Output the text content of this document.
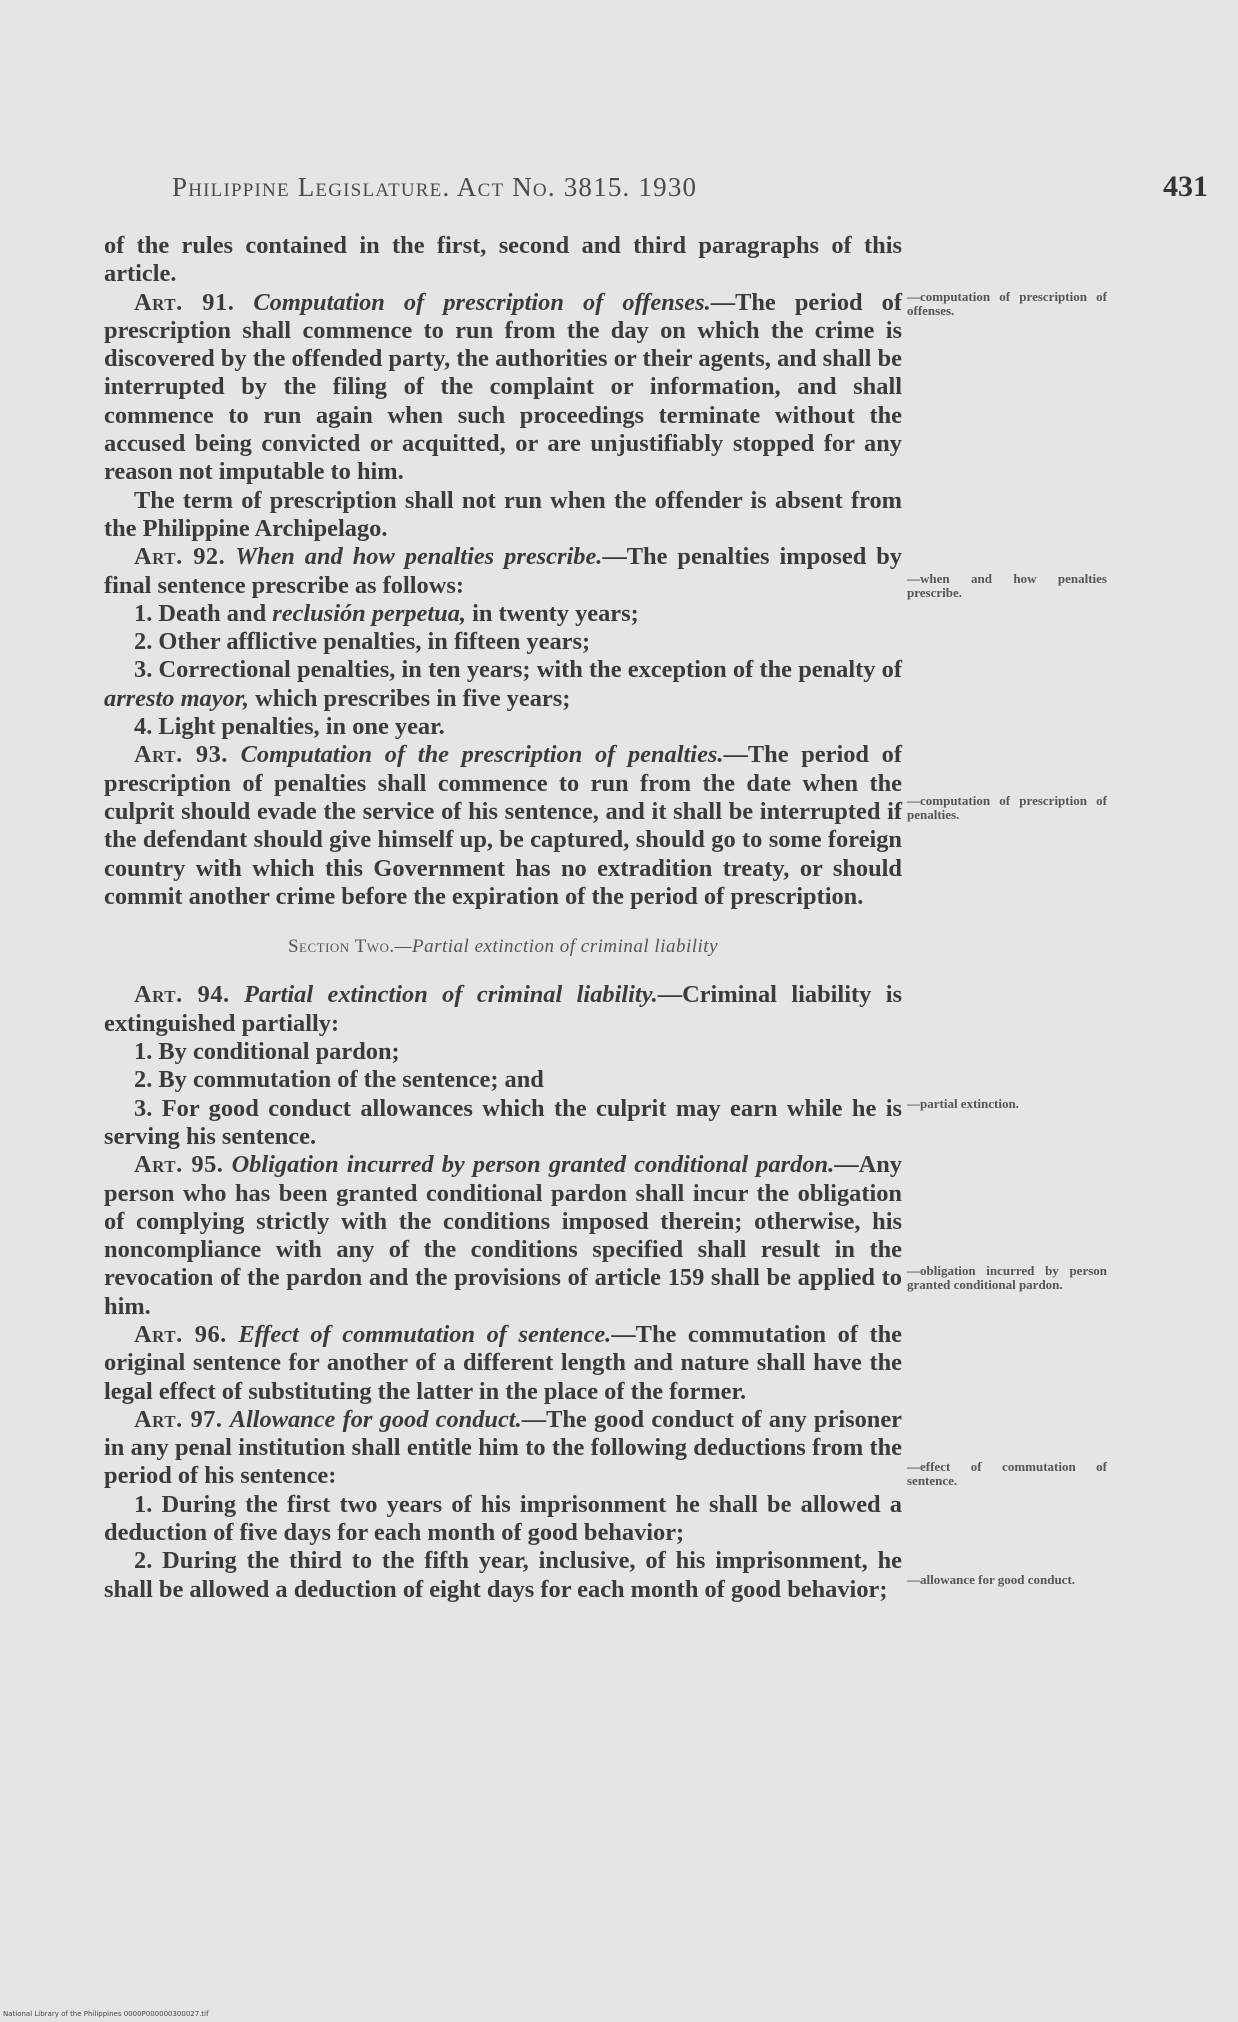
Philippine Legislature. Act No. 3815. 1930	431

of the rules contained in the first, second and third paragraphs of this article.

Art. 91. Computation of prescription of offenses.—The period of prescription shall commence to run from the day on which the crime is discovered by the offended party, the authorities or their agents, and shall be interrupted by the filing of the complaint or information, and shall commence to run again when such proceedings terminate without the accused being convicted or acquitted, or are unjustifiably stopped for any reason not imputable to him.

The term of prescription shall not run when the offender is absent from the Philippine Archipelago.

Art. 92. When and how penalties prescribe.—The penalties imposed by final sentence prescribe as follows:

1. Death and reclusión perpetua, in twenty years;

2. Other afflictive penalties, in fifteen years;

3. Correctional penalties, in ten years; with the exception of the penalty of arresto mayor, which prescribes in five years;

4. Light penalties, in one year.

Art. 93. Computation of the prescription of penalties.—The period of prescription of penalties shall commence to run from the date when the culprit should evade the service of his sentence, and it shall be interrupted if the defendant should give himself up, be captured, should go to some foreign country with which this Government has no extradition treaty, or should commit another crime before the expiration of the period of prescription.

Section Two.—Partial extinction of criminal liability

Art. 94. Partial extinction of criminal liability.—Criminal liability is extinguished partially:

1. By conditional pardon;

2. By commutation of the sentence; and

3. For good conduct allowances which the culprit may earn while he is serving his sentence.

Art. 95. Obligation incurred by person granted conditional pardon.—Any person who has been granted conditional pardon shall incur the obligation of complying strictly with the conditions imposed therein; otherwise, his noncompliance with any of the conditions specified shall result in the revocation of the pardon and the provisions of article 159 shall be applied to him.

Art. 96. Effect of commutation of sentence.—The commutation of the original sentence for another of a different length and nature shall have the legal effect of substituting the latter in the place of the former.

Art. 97. Allowance for good conduct.—The good conduct of any prisoner in any penal institution shall entitle him to the following deductions from the period of his sentence:

1. During the first two years of his imprisonment he shall be allowed a deduction of five days for each month of good behavior;

2. During the third to the fifth year, inclusive, of his imprisonment, he shall be allowed a deduction of eight days for each month of good behavior;

—computation of prescription of offenses.
—when and how penalties prescribe.
—computation of prescription of penalties.
—partial extinction.
—obligation incurred by person granted conditional pardon.
—effect of commutation of sentence.
—allowance for good conduct.
National Library of the Philippines 0000P000000300027.tif
